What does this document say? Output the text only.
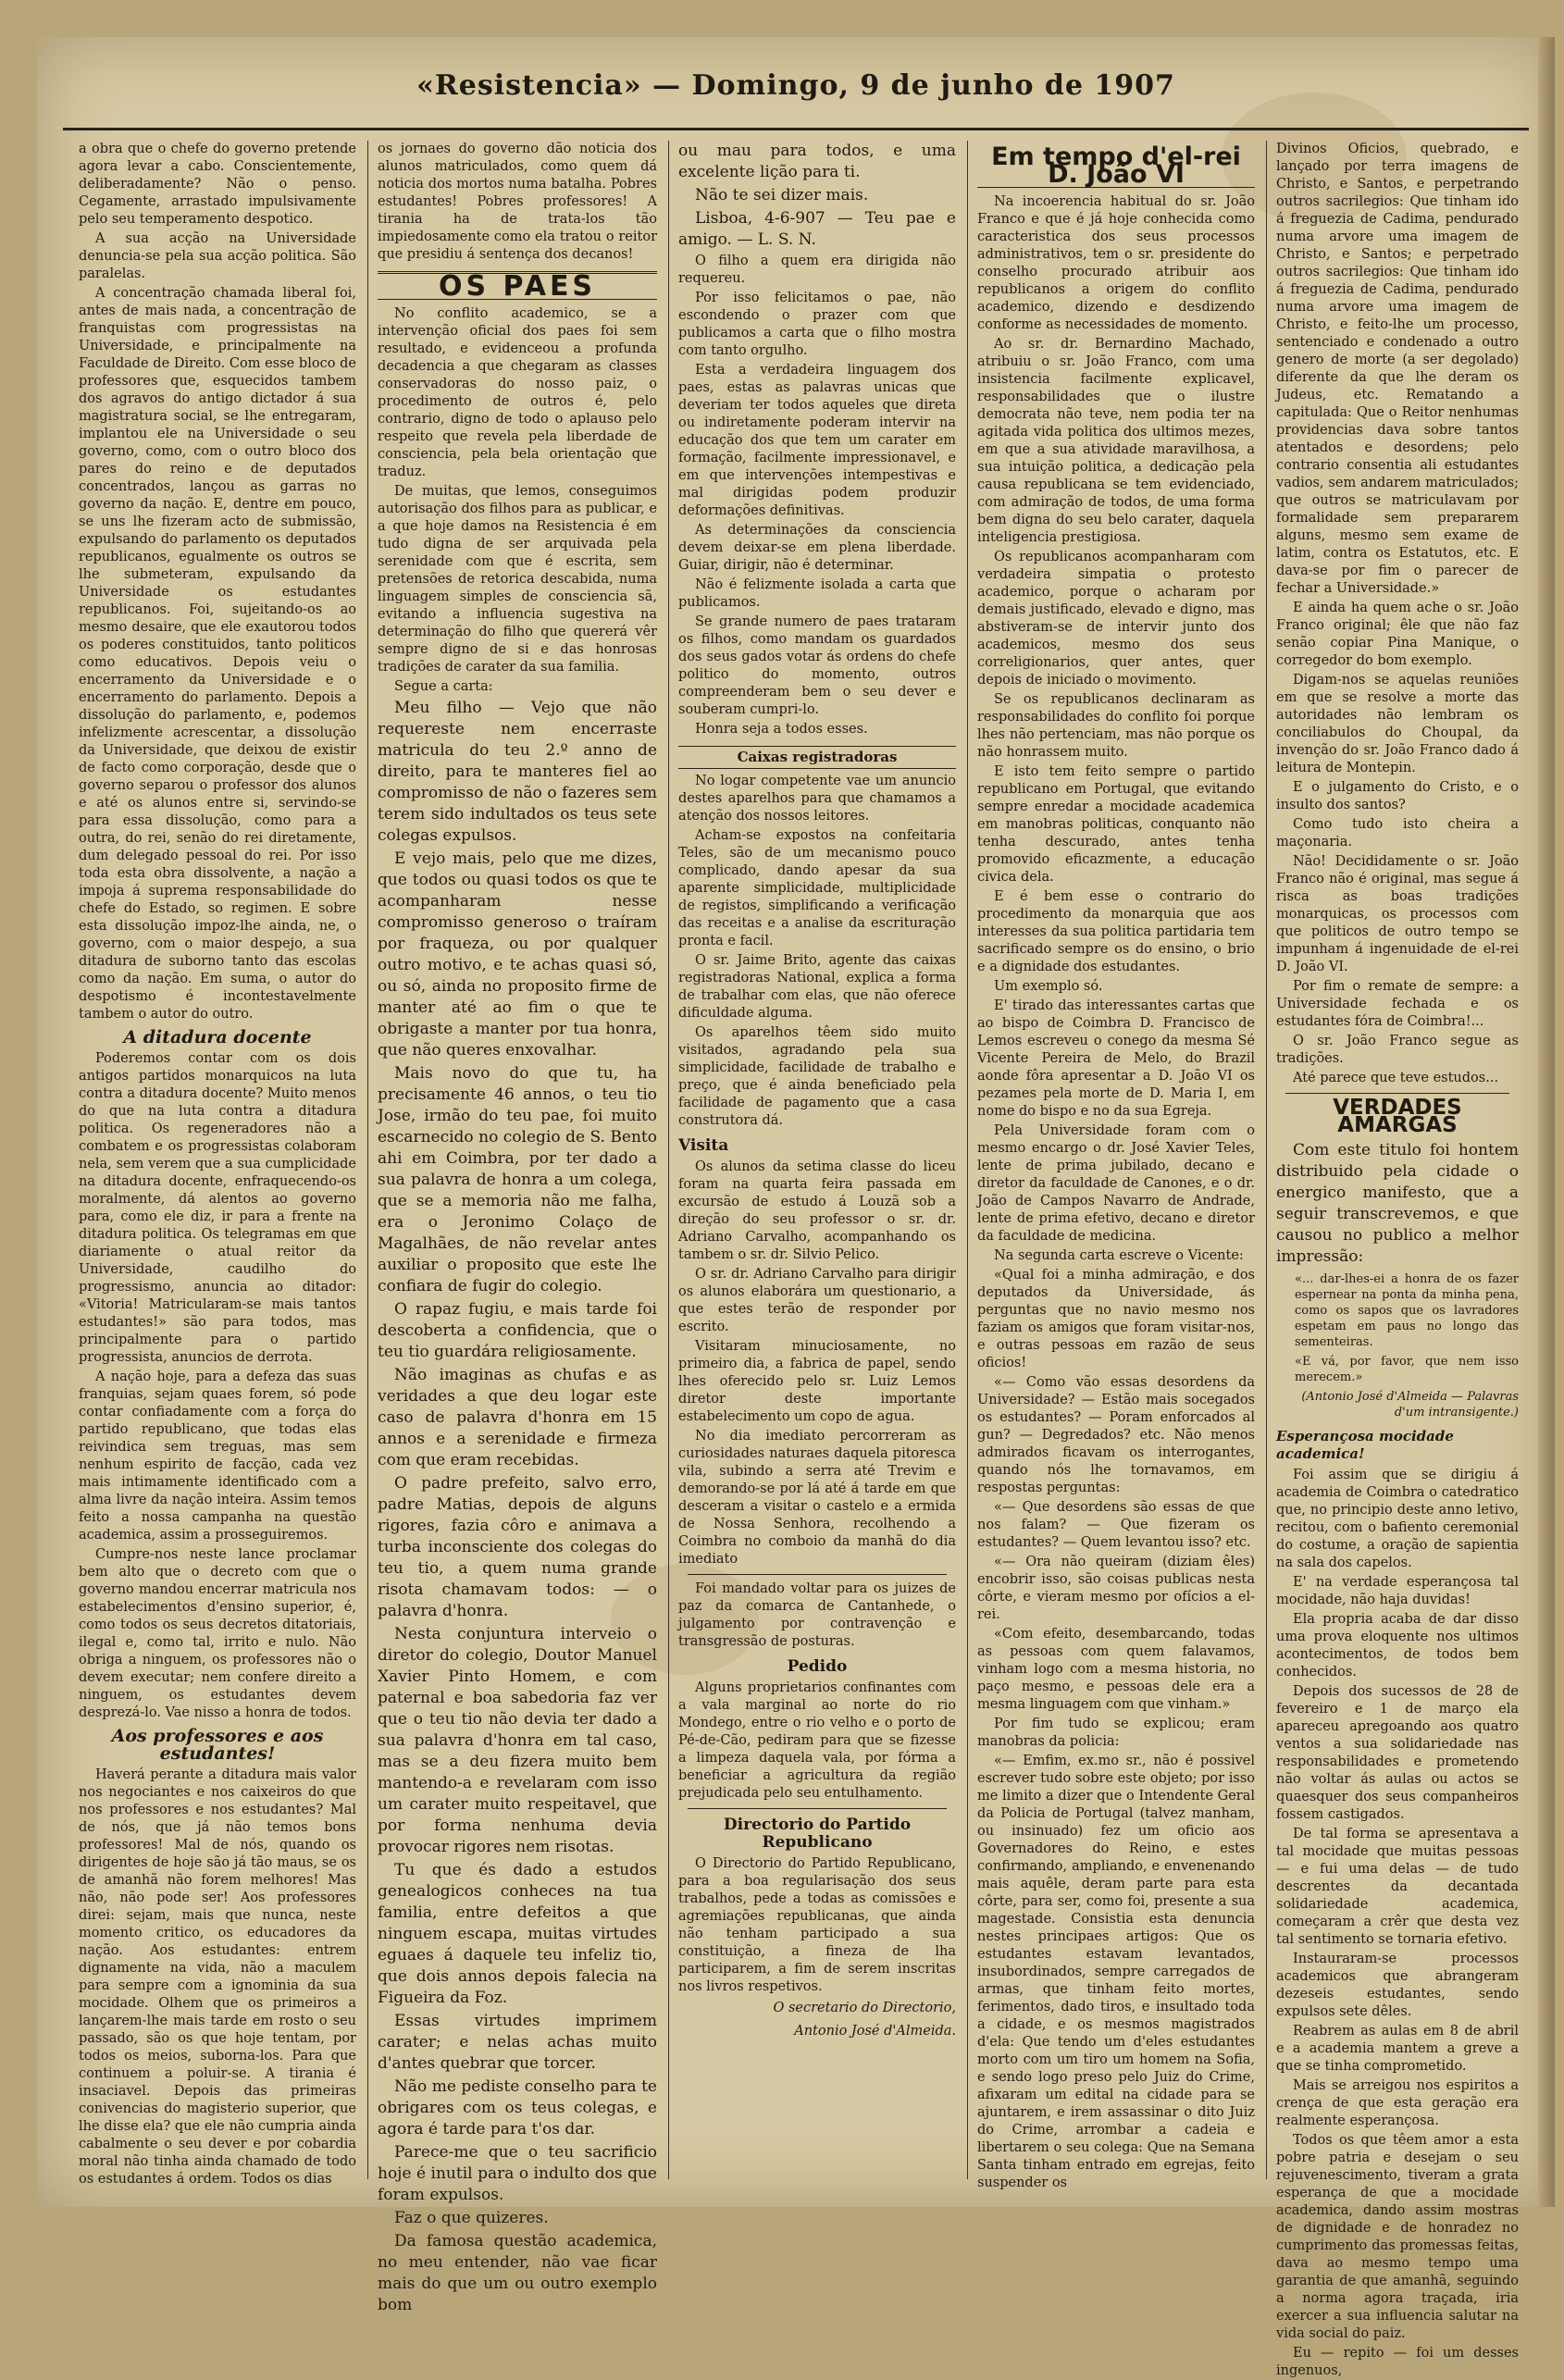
«Resistencia» — Domingo, 9 de junho de 1907

a obra que o chefe do governo pretende agora levar a cabo. Conscientemente, deliberadamente? Não o penso. Cegamente, arrastado impulsivamente pelo seu temperamento despotico.

A sua acção na Universidade denuncia-se pela sua acção politica. São paralelas.

A concentração chamada liberal foi, antes de mais nada, a concentração de franquistas com progressistas na Universidade, e principalmente na Faculdade de Direito. Com esse bloco de professores que, esquecidos tambem dos agravos do antigo dictador á sua magistratura social, se lhe entregaram, implantou ele na Universidade o seu governo, como, com o outro bloco dos pares do reino e de deputados concentrados, lançou as garras no governo da nação. E, dentre em pouco, se uns lhe fizeram acto de submissão, expulsando do parlamento os deputados republicanos, egualmente os outros se lhe submeteram, expulsando da Universidade os estudantes republicanos. Foi, sujeitando-os ao mesmo desaire, que ele exautorou todos os poderes constituidos, tanto politicos como educativos. Depois veiu o encerramento da Universidade e o encerramento do parlamento. Depois a dissolução do parlamento, e, podemos infelizmente acrescentar, a dissolução da Universidade, que deixou de existir de facto como corporação, desde que o governo separou o professor dos alunos e até os alunos entre si, servindo-se para essa dissolução, como para a outra, do rei, senão do rei diretamente, dum delegado pessoal do rei. Por isso toda esta obra dissolvente, a nação a impoja á suprema responsabilidade do chefe do Estado, so regimen. E sobre esta dissolução impoz-lhe ainda, ne, o governo, com o maior despejo, a sua ditadura de suborno tanto das escolas como da nação. Em suma, o autor do despotismo é incontestavelmente tambem o autor do outro.

A ditadura docente

Poderemos contar com os dois antigos partidos monarquicos na luta contra a ditadura docente? Muito menos do que na luta contra a ditadura politica. Os regeneradores não a combatem e os progressistas colaboram nela, sem verem que a sua cumplicidade na ditadura docente, enfraquecendo-os moralmente, dá alentos ao governo para, como ele diz, ir para a frente na ditadura politica. Os telegramas em que diariamente o atual reitor da Universidade, caudilho do progressismo, anuncia ao ditador: «Vitoria! Matricularam-se mais tantos estudantes!» são para todos, mas principalmente para o partido progressista, anuncios de derrota.

A nação hoje, para a defeza das suas franquias, sejam quaes forem, só pode contar confiadamente com a força do partido republicano, que todas elas reivindica sem treguas, mas sem nenhum espirito de facção, cada vez mais intimamente identificado com a alma livre da nação inteira. Assim temos feito a nossa campanha na questão academica, assim a prosseguiremos.

Cumpre-nos neste lance proclamar bem alto que o decreto com que o governo mandou encerrar matricula nos estabelecimentos d'ensino superior, é, como todos os seus decretos ditatoriais, ilegal e, como tal, irrito e nulo. Não obriga a ninguem, os professores não o devem executar; nem confere direito a ninguem, os estudantes devem desprezá-lo. Vae nisso a honra de todos.

Aos professores e aos estudantes!

Haverá perante a ditadura mais valor nos negociantes e nos caixeiros do que nos professores e nos estudantes? Mal de nós, que já não temos bons professores! Mal de nós, quando os dirigentes de hoje são já tão maus, se os de amanhã não forem melhores! Mas não, não pode ser! Aos professores direi: sejam, mais que nunca, neste momento critico, os educadores da nação. Aos estudantes: entrem dignamente na vida, não a maculem para sempre com a ignominia da sua mocidade. Olhem que os primeiros a lançarem-lhe mais tarde em rosto o seu passado, são os que hoje tentam, por todos os meios, suborna-los. Para que continuem a poluir-se. A tirania é insaciavel. Depois das primeiras conivencias do magisterio superior, que lhe disse ela? que ele não cumpria ainda cabalmente o seu dever e por cobardia moral não tinha ainda chamado de todo os estudantes á ordem. Todos os dias

os jornaes do governo dão noticia dos alunos matriculados, como quem dá noticia dos mortos numa batalha. Pobres estudantes! Pobres professores! A tirania ha de trata-los tão impiedosamente como ela tratou o reitor que presidiu á sentença dos decanos!

OS PAES

No conflito academico, se a intervenção oficial dos paes foi sem resultado, e evidenceou a profunda decadencia a que chegaram as classes conservadoras do nosso paiz, o procedimento de outros é, pelo contrario, digno de todo o aplauso pelo respeito que revela pela liberdade de consciencia, pela bela orientação que traduz.

De muitas, que lemos, conseguimos autorisação dos filhos para as publicar, e a que hoje damos na Resistencia é em tudo digna de ser arquivada pela serenidade com que é escrita, sem pretensões de retorica descabida, numa linguagem simples de consciencia sã, evitando a influencia sugestiva na determinação do filho que quererá vêr sempre digno de si e das honrosas tradições de carater da sua familia.

Segue a carta:

Meu filho — Vejo que não requereste nem encerraste matricula do teu 2.º anno de direito, para te manteres fiel ao compromisso de não o fazeres sem terem sido indultados os teus sete colegas expulsos.

E vejo mais, pelo que me dizes, que todos ou quasi todos os que te acompanharam nesse compromisso generoso o traíram por fraqueza, ou por qualquer outro motivo, e te achas quasi só, ou só, ainda no proposito firme de manter até ao fim o que te obrigaste a manter por tua honra, que não queres enxovalhar.

Mais novo do que tu, ha precisamente 46 annos, o teu tio Jose, irmão do teu pae, foi muito escarnecido no colegio de S. Bento ahi em Coimbra, por ter dado a sua palavra de honra a um colega, que se a memoria não me falha, era o Jeronimo Colaço de Magalhães, de não revelar antes auxiliar o proposito que este lhe confiara de fugir do colegio.

O rapaz fugiu, e mais tarde foi descoberta a confidencia, que o teu tio guardára religiosamente.

Não imaginas as chufas e as veridades a que deu logar este caso de palavra d'honra em 15 annos e a serenidade e firmeza com que eram recebidas.

O padre prefeito, salvo erro, padre Matias, depois de alguns rigores, fazia côro e animava a turba inconsciente dos colegas do teu tio, a quem numa grande risota chamavam todos: — o palavra d'honra.

Nesta conjuntura interveio o diretor do colegio, Doutor Manuel Xavier Pinto Homem, e com paternal e boa sabedoria faz ver que o teu tio não devia ter dado a sua palavra d'honra em tal caso, mas se a deu fizera muito bem mantendo-a e revelaram com isso um carater muito respeitavel, que por forma nenhuma devia provocar rigores nem risotas.

Tu que és dado a estudos genealogicos conheces na tua familia, entre defeitos a que ninguem escapa, muitas virtudes eguaes á daquele teu infeliz tio, que dois annos depois falecia na Figueira da Foz.

Essas virtudes imprimem carater; e nelas achas muito d'antes quebrar que torcer.

Não me pediste conselho para te obrigares com os teus colegas, e agora é tarde para t'os dar.

Parece-me que o teu sacrificio hoje é inutil para o indulto dos que foram expulsos.

Faz o que quizeres.

Da famosa questão academica, no meu entender, não vae ficar mais do que um ou outro exemplo bom

ou mau para todos, e uma excelente lição para ti.

Não te sei dizer mais.

Lisboa, 4-6-907 — Teu pae e amigo. — L. S. N.

O filho a quem era dirigida não requereu.

Por isso felicitamos o pae, não escondendo o prazer com que publicamos a carta que o filho mostra com tanto orgulho.

Esta a verdadeira linguagem dos paes, estas as palavras unicas que deveriam ter todos aqueles que direta ou indiretamente poderam intervir na educação dos que tem um carater em formação, facilmente impressionavel, e em que intervenções intempestivas e mal dirigidas podem produzir deformações definitivas.

As determinações da consciencia devem deixar-se em plena liberdade. Guiar, dirigir, não é determinar.

Não é felizmente isolada a carta que publicamos.

Se grande numero de paes trataram os filhos, como mandam os guardados dos seus gados votar ás ordens do chefe politico do momento, outros compreenderam bem o seu dever e souberam cumpri-lo.

Honra seja a todos esses.

Caixas registradoras

No logar competente vae um anuncio destes aparelhos para que chamamos a atenção dos nossos leitores.

Acham-se expostos na confeitaria Teles, são de um mecanismo pouco complicado, dando apesar da sua aparente simplicidade, multiplicidade de registos, simplificando a verificação das receitas e a analise da escrituração pronta e facil.

O sr. Jaime Brito, agente das caixas registradoras National, explica a forma de trabalhar com elas, que não oferece dificuldade alguma.

Os aparelhos têem sido muito visitados, agradando pela sua simplicidade, facilidade de trabalho e preço, que é ainda beneficiado pela facilidade de pagamento que a casa construtora dá.

Visita

Os alunos da setima classe do liceu foram na quarta feira passada em excursão de estudo á Louzã sob a direção do seu professor o sr. dr. Adriano Carvalho, acompanhando os tambem o sr. dr. Silvio Pelico.

O sr. dr. Adriano Carvalho para dirigir os alunos elaborára um questionario, a que estes terão de responder por escrito.

Visitaram minuciosamente, no primeiro dia, a fabrica de papel, sendo lhes oferecido pelo sr. Luiz Lemos diretor deste importante estabelecimento um copo de agua.

No dia imediato percorreram as curiosidades naturaes daquela pitoresca vila, subindo a serra até Trevim e demorando-se por lá até á tarde em que desceram a visitar o castelo e a ermida de Nossa Senhora, recolhendo a Coimbra no comboio da manhã do dia imediato

Foi mandado voltar para os juizes de paz da comarca de Cantanhede, o julgamento por contravenção e transgressão de posturas.

Pedido

Alguns proprietarios confinantes com a vala marginal ao norte do rio Mondego, entre o rio velho e o porto de Pé-de-Cão, pediram para que se fizesse a limpeza daquela vala, por fórma a beneficiar a agricultura da região prejudicada pelo seu entulhamento.

Directorio do Partido Republicano

O Directorio do Partido Republicano, para a boa regularisação dos seus trabalhos, pede a todas as comissões e agremiações republicanas, que ainda não tenham participado a sua constituição, a fineza de lha participarem, a fim de serem inscritas nos livros respetivos.

O secretario do Directorio,
Antonio José d'Almeida.
Em tempo d'el-rei D. João VI

Na incoerencia habitual do sr. João Franco e que é já hoje conhecida como caracteristica dos seus processos administrativos, tem o sr. presidente do conselho procurado atribuir aos republicanos a origem do conflito academico, dizendo e desdizendo conforme as necessidades de momento.

Ao sr. dr. Bernardino Machado, atribuiu o sr. João Franco, com uma insistencia facilmente explicavel, responsabilidades que o ilustre democrata não teve, nem podia ter na agitada vida politica dos ultimos mezes, em que a sua atividade maravilhosa, a sua intuição politica, a dedicação pela causa republicana se tem evidenciado, com admiração de todos, de uma forma bem digna do seu belo carater, daquela inteligencia prestigiosa.

Os republicanos acompanharam com verdadeira simpatia o protesto academico, porque o acharam por demais justificado, elevado e digno, mas abstiveram-se de intervir junto dos academicos, mesmo dos seus correligionarios, quer antes, quer depois de iniciado o movimento.

Se os republicanos declinaram as responsabilidades do conflito foi porque lhes não pertenciam, mas não porque os não honrassem muito.

E isto tem feito sempre o partido republicano em Portugal, que evitando sempre enredar a mocidade academica em manobras politicas, conquanto não tenha descurado, antes tenha promovido eficazmente, a educação civica dela.

E é bem esse o contrario do procedimento da monarquia que aos interesses da sua politica partidaria tem sacrificado sempre os do ensino, o brio e a dignidade dos estudantes.

Um exemplo só.

E' tirado das interessantes cartas que ao bispo de Coimbra D. Francisco de Lemos escreveu o conego da mesma Sé Vicente Pereira de Melo, do Brazil aonde fôra apresentar a D. João VI os pezames pela morte de D. Maria I, em nome do bispo e no da sua Egreja.

Pela Universidade foram com o mesmo encargo o dr. José Xavier Teles, lente de prima jubilado, decano e diretor da faculdade de Canones, e o dr. João de Campos Navarro de Andrade, lente de prima efetivo, decano e diretor da faculdade de medicina.

Na segunda carta escreve o Vicente:

«Qual foi a minha admiração, e dos deputados da Universidade, ás perguntas que no navio mesmo nos faziam os amigos que foram visitar-nos, e outras pessoas em razão de seus oficios!

«— Como vão essas desordens da Universidade? — Estão mais socegados os estudantes? — Poram enforcados al gun? — Degredados? etc. Não menos admirados ficavam os interrogantes, quando nós lhe tornavamos, em respostas perguntas:

«— Que desordens são essas de que nos falam? — Que fizeram os estudantes? — Quem levantou isso? etc.

«— Ora não queiram (diziam êles) encobrir isso, são coisas publicas nesta côrte, e vieram mesmo por ofícios a el-rei.

«Com efeito, desembarcando, todas as pessoas com quem falavamos, vinham logo com a mesma historia, no paço mesmo, e pessoas dele era a mesma linguagem com que vinham.»

Por fim tudo se explicou; eram manobras da policia:

«— Emfim, ex.mo sr., não é possivel escrever tudo sobre este objeto; por isso me limito a dizer que o Intendente Geral da Policia de Portugal (talvez manham, ou insinuado) fez um oficio aos Governadores do Reino, e estes confirmando, ampliando, e envenenando mais aquêle, deram parte para esta côrte, para ser, como foi, presente a sua magestade. Consistia esta denuncia nestes principaes artigos: Que os estudantes estavam levantados, insubordinados, sempre carregados de armas, que tinham feito mortes, ferimentos, dado tiros, e insultado toda a cidade, e os mesmos magistrados d'ela: Que tendo um d'eles estudantes morto com um tiro um homem na Sofia, e sendo logo preso pelo Juiz do Crime, afixaram um edital na cidade para se ajuntarem, e irem assassinar o dito Juiz do Crime, arrombar a cadeia e libertarem o seu colega: Que na Semana Santa tinham entrado em egrejas, feito suspender os

Divinos Oficios, quebrado, e lançado por terra imagens de Christo, e Santos, e perpetrando outros sacrilegios: Que tinham ido á freguezia de Cadima, pendurado numa arvore uma imagem de Christo, e Santos; e perpetrado outros sacrilegios: Que tinham ido á freguezia de Cadima, pendurado numa arvore uma imagem de Christo, e feito-lhe um processo, sentenciado e condenado a outro genero de morte (a ser degolado) diferente da que lhe deram os Judeus, etc. Rematando a capitulada: Que o Reitor nenhumas providencias dava sobre tantos atentados e desordens; pelo contrario consentia ali estudantes vadios, sem andarem matriculados; que outros se matriculavam por formalidade sem prepararem alguns, mesmo sem exame de latim, contra os Estatutos, etc. E dava-se por fim o parecer de fechar a Universidade.»

E ainda ha quem ache o sr. João Franco original; êle que não faz senão copiar Pina Manique, o corregedor do bom exemplo.

Digam-nos se aquelas reuniões em que se resolve a morte das autoridades não lembram os conciliabulos do Choupal, da invenção do sr. João Franco dado á leitura de Montepin.

E o julgamento do Cristo, e o insulto dos santos?

Como tudo isto cheira a maçonaria.

Não! Decididamente o sr. João Franco não é original, mas segue á risca as boas tradições monarquicas, os processos com que politicos de outro tempo se impunham á ingenuidade de el-rei D. João VI.

Por fim o remate de sempre: a Universidade fechada e os estudantes fóra de Coimbra!...

O sr. João Franco segue as tradições.

Até parece que teve estudos...

VERDADES AMARGAS

Com este titulo foi hontem distribuido pela cidade o energico manifesto, que a seguir transcrevemos, e que causou no publico a melhor impressão:

«... dar-lhes-ei a honra de os fazer espernear na ponta da minha pena, como os sapos que os lavradores espetam em paus no longo das sementeiras.
«E vá, por favor, que nem isso merecem.»
(Antonio José d'Almeida — Palavras d'um intransigente.)
Esperançosa mocidade academica!

Foi assim que se dirigiu á academia de Coimbra o catedratico que, no principio deste anno letivo, recitou, com o bafiento ceremonial do costume, a oração de sapientia na sala dos capelos.

E' na verdade esperançosa tal mocidade, não haja duvidas!

Ela propria acaba de dar disso uma prova eloquente nos ultimos acontecimentos, de todos bem conhecidos.

Depois dos sucessos de 28 de fevereiro e 1 de março ela apareceu apregoando aos quatro ventos a sua solidariedade nas responsabilidades e prometendo não voltar ás aulas ou actos se quaesquer dos seus companheiros fossem castigados.

De tal forma se apresentava a tal mocidade que muitas pessoas — e fui uma delas — de tudo descrentes da decantada solidariedade academica, começaram a crêr que desta vez tal sentimento se tornaria efetivo.

Instauraram-se processos academicos que abrangeram dezeseis estudantes, sendo expulsos sete dêles.

Reabrem as aulas em 8 de abril e a academia mantem a greve a que se tinha comprometido.

Mais se arreigou nos espiritos a crença de que esta geração era realmente esperançosa.

Todos os que têem amor a esta pobre patria e desejam o seu rejuvenescimento, tiveram a grata esperança de que a mocidade academica, dando assim mostras de dignidade e de honradez no cumprimento das promessas feitas, dava ao mesmo tempo uma garantia de que amanhã, seguindo a norma agora traçada, iria exercer a sua influencia salutar na vida social do paiz.

Eu — repito — foi um desses ingenuos,
